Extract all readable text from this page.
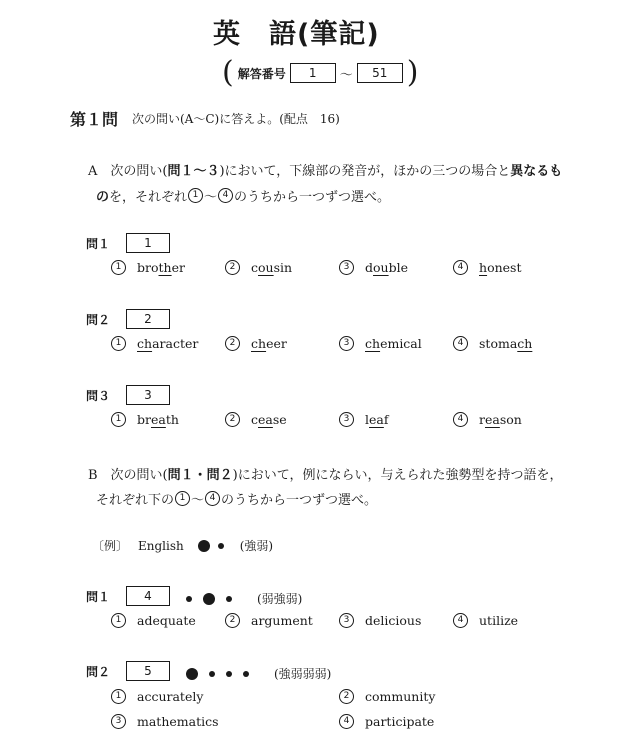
英　語(筆記)
( 解答番号	1	～	51 )
第１問 次の問い(A～C)に答えよ。(配点　16)
A　次の問い(問１～３)において，下線部の発音が，ほかの三つの場合と異なるも
の を，それぞれ 1 ～ 4 のうちから一つずつ選べ。
B　次の問い(問１・問２)において，例にならい，与えられた強勢型を持つ語を，
それぞれ下の 1 ～ 4 のうちから一つずつ選べ。
〔例〕 English	(強弱)
問１	1
1	brother	2	cousin	3	double	4	honest
問２	2
1	character	2	cheer	3	chemical	4	stomach
問３	3
1	breath	2	cease	3	leaf	4	reason
問１	4	(弱強弱)
1	adequate	2	argument	3	delicious	4	utilize
問２	5	(強弱弱弱)
1	accurately	2	community
3	mathematics	4	participate
